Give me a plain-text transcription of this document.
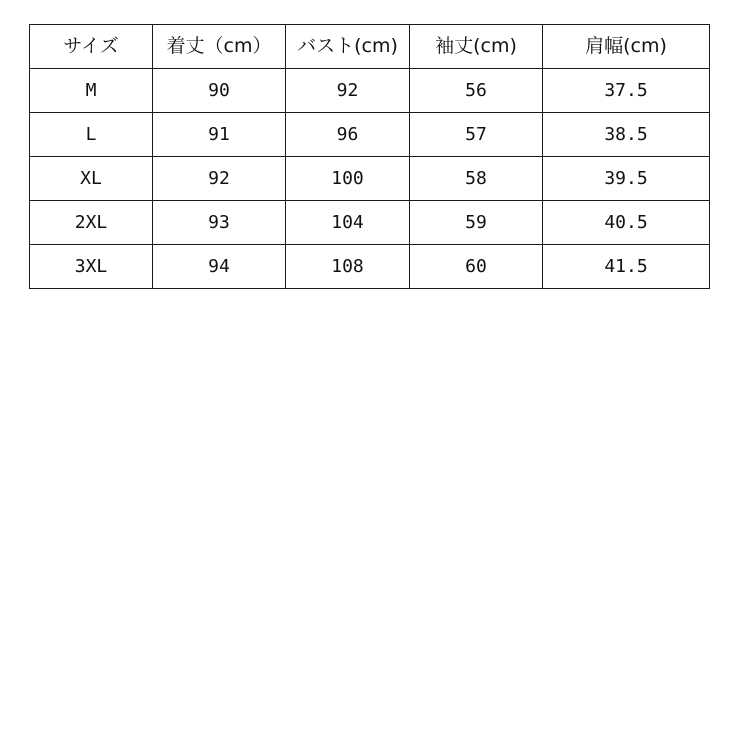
サイズ	着丈（cm）	バスト(cm)	袖丈(cm)	肩幅(cm)
M	90	92	56	37.5
L	91	96	57	38.5
XL	92	100	58	39.5
2XL	93	104	59	40.5
3XL	94	108	60	41.5
